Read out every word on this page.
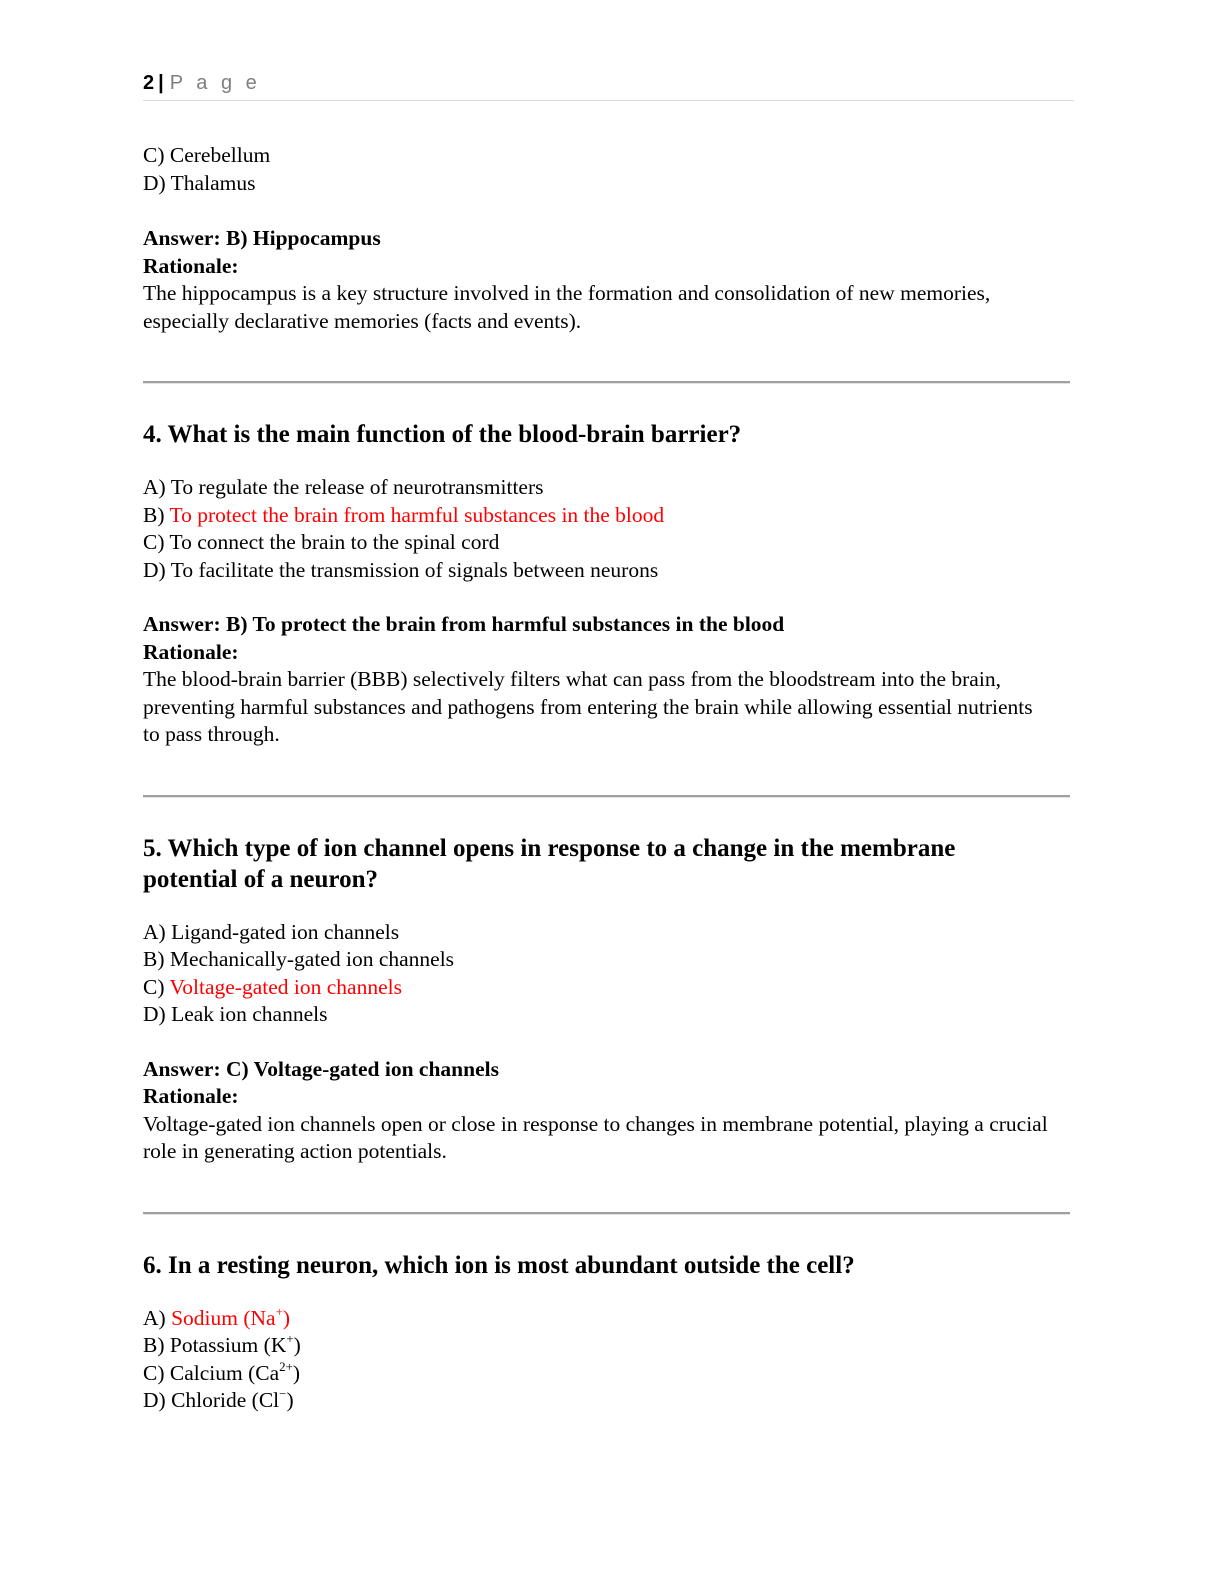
2 | P a g e

C) Cerebellum

D) Thalamus

Answer: B) Hippocampus

Rationale:

The hippocampus is a key structure involved in the formation and consolidation of new memories, especially declarative memories (facts and events).

4. What is the main function of the blood-brain barrier?

A) To regulate the release of neurotransmitters

B) To protect the brain from harmful substances in the blood

C) To connect the brain to the spinal cord

D) To facilitate the transmission of signals between neurons

Answer: B) To protect the brain from harmful substances in the blood

Rationale:

The blood-brain barrier (BBB) selectively filters what can pass from the bloodstream into the brain, preventing harmful substances and pathogens from entering the brain while allowing essential nutrients to pass through.

5. Which type of ion channel opens in response to a change in the membrane potential of a neuron?

A) Ligand-gated ion channels

B) Mechanically-gated ion channels

C) Voltage-gated ion channels

D) Leak ion channels

Answer: C) Voltage-gated ion channels

Rationale:

Voltage-gated ion channels open or close in response to changes in membrane potential, playing a crucial role in generating action potentials.

6. In a resting neuron, which ion is most abundant outside the cell?

A) Sodium (Na+)

B) Potassium (K+)

C) Calcium $(Ca^{2+})$

D) Chloride (Cl−)
